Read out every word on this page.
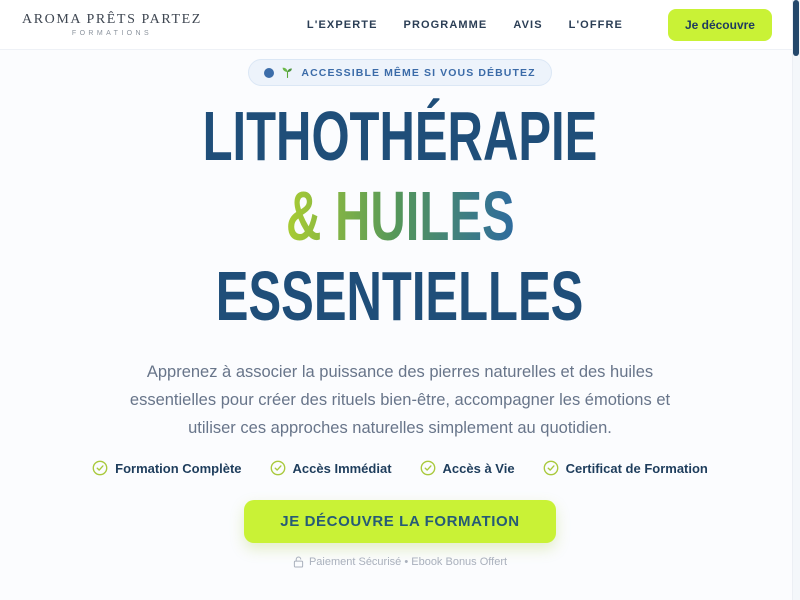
AROMA PRÊTS PARTEZ
FORMATIONS
L'EXPERTE PROGRAMME AVIS L'OFFRE	Je découvre
ACCESSIBLE MÊME SI VOUS DÉBUTEZ
LITHOTHÉRAPIE
& HUILES
ESSENTIELLES

Apprenez à associer la puissance des pierres naturelles et des huiles essentielles pour créer des rituels bien-être, accompagner les émotions et utiliser ces approches naturelles simplement au quotidien.

Formation Complète	Accès Immédiat	Accès à Vie	Certificat de Formation
JE DÉCOUVRE LA FORMATION
Paiement Sécurisé • Ebook Bonus Offert
